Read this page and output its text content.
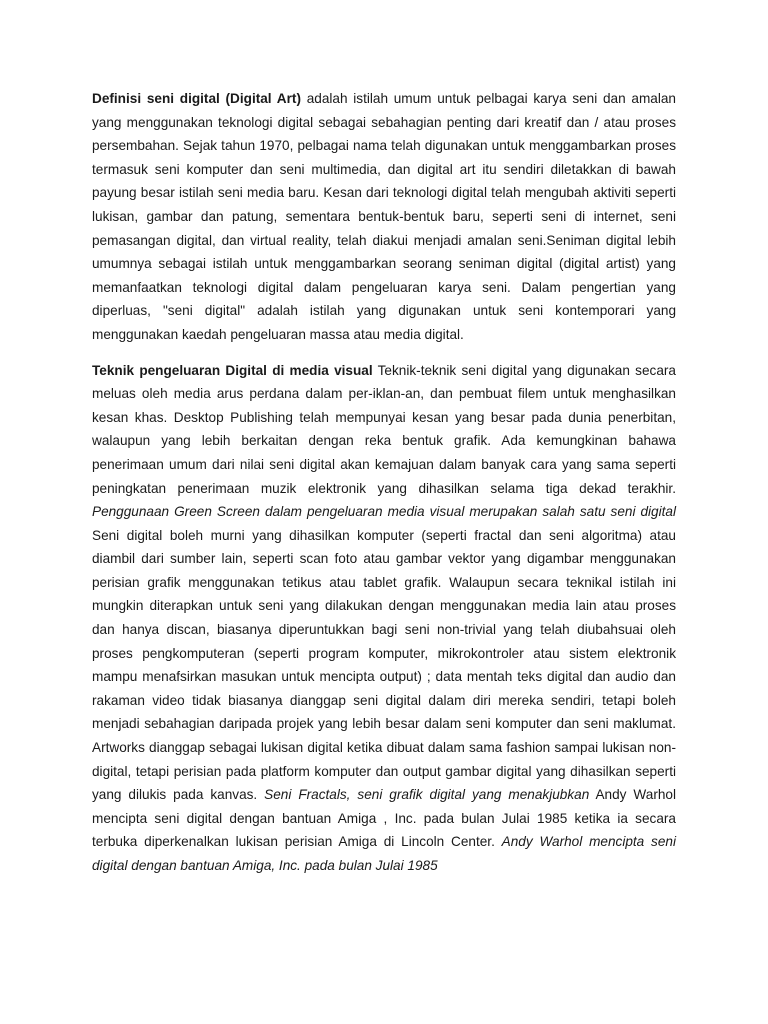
Definisi seni digital (Digital Art) adalah istilah umum untuk pelbagai karya seni dan amalan yang menggunakan teknologi digital sebagai sebahagian penting dari kreatif dan / atau proses persembahan. Sejak tahun 1970, pelbagai nama telah digunakan untuk menggambarkan proses termasuk seni komputer dan seni multimedia, dan digital art itu sendiri diletakkan di bawah payung besar istilah seni media baru. Kesan dari teknologi digital telah mengubah aktiviti seperti lukisan, gambar dan patung, sementara bentuk-bentuk baru, seperti seni di internet, seni pemasangan digital, dan virtual reality, telah diakui menjadi amalan seni.Seniman digital lebih umumnya sebagai istilah untuk menggambarkan seorang seniman digital (digital artist) yang memanfaatkan teknologi digital dalam pengeluaran karya seni. Dalam pengertian yang diperluas, "seni digital" adalah istilah yang digunakan untuk seni kontemporari yang menggunakan kaedah pengeluaran massa atau media digital.

Teknik pengeluaran Digital di media visual Teknik-teknik seni digital yang digunakan secara meluas oleh media arus perdana dalam per-iklan-an, dan pembuat filem untuk menghasilkan kesan khas. Desktop Publishing telah mempunyai kesan yang besar pada dunia penerbitan, walaupun yang lebih berkaitan dengan reka bentuk grafik. Ada kemungkinan bahawa penerimaan umum dari nilai seni digital akan kemajuan dalam banyak cara yang sama seperti peningkatan penerimaan muzik elektronik yang dihasilkan selama tiga dekad terakhir. Penggunaan Green Screen dalam pengeluaran media visual merupakan salah satu seni digital Seni digital boleh murni yang dihasilkan komputer (seperti fractal dan seni algoritma) atau diambil dari sumber lain, seperti scan foto atau gambar vektor yang digambar menggunakan perisian grafik menggunakan tetikus atau tablet grafik. Walaupun secara teknikal istilah ini mungkin diterapkan untuk seni yang dilakukan dengan menggunakan media lain atau proses dan hanya discan, biasanya diperuntukkan bagi seni non-trivial yang telah diubahsuai oleh proses pengkomputeran (seperti program komputer, mikrokontroler atau sistem elektronik mampu menafsirkan masukan untuk mencipta output) ; data mentah teks digital dan audio dan rakaman video tidak biasanya dianggap seni digital dalam diri mereka sendiri, tetapi boleh menjadi sebahagian daripada projek yang lebih besar dalam seni komputer dan seni maklumat. Artworks dianggap sebagai lukisan digital ketika dibuat dalam sama fashion sampai lukisan non-digital, tetapi perisian pada platform komputer dan output gambar digital yang dihasilkan seperti yang dilukis pada kanvas. Seni Fractals, seni grafik digital yang menakjubkan Andy Warhol mencipta seni digital dengan bantuan Amiga , Inc. pada bulan Julai 1985 ketika ia secara terbuka diperkenalkan lukisan perisian Amiga di Lincoln Center. Andy Warhol mencipta seni digital dengan bantuan Amiga, Inc. pada bulan Julai 1985
